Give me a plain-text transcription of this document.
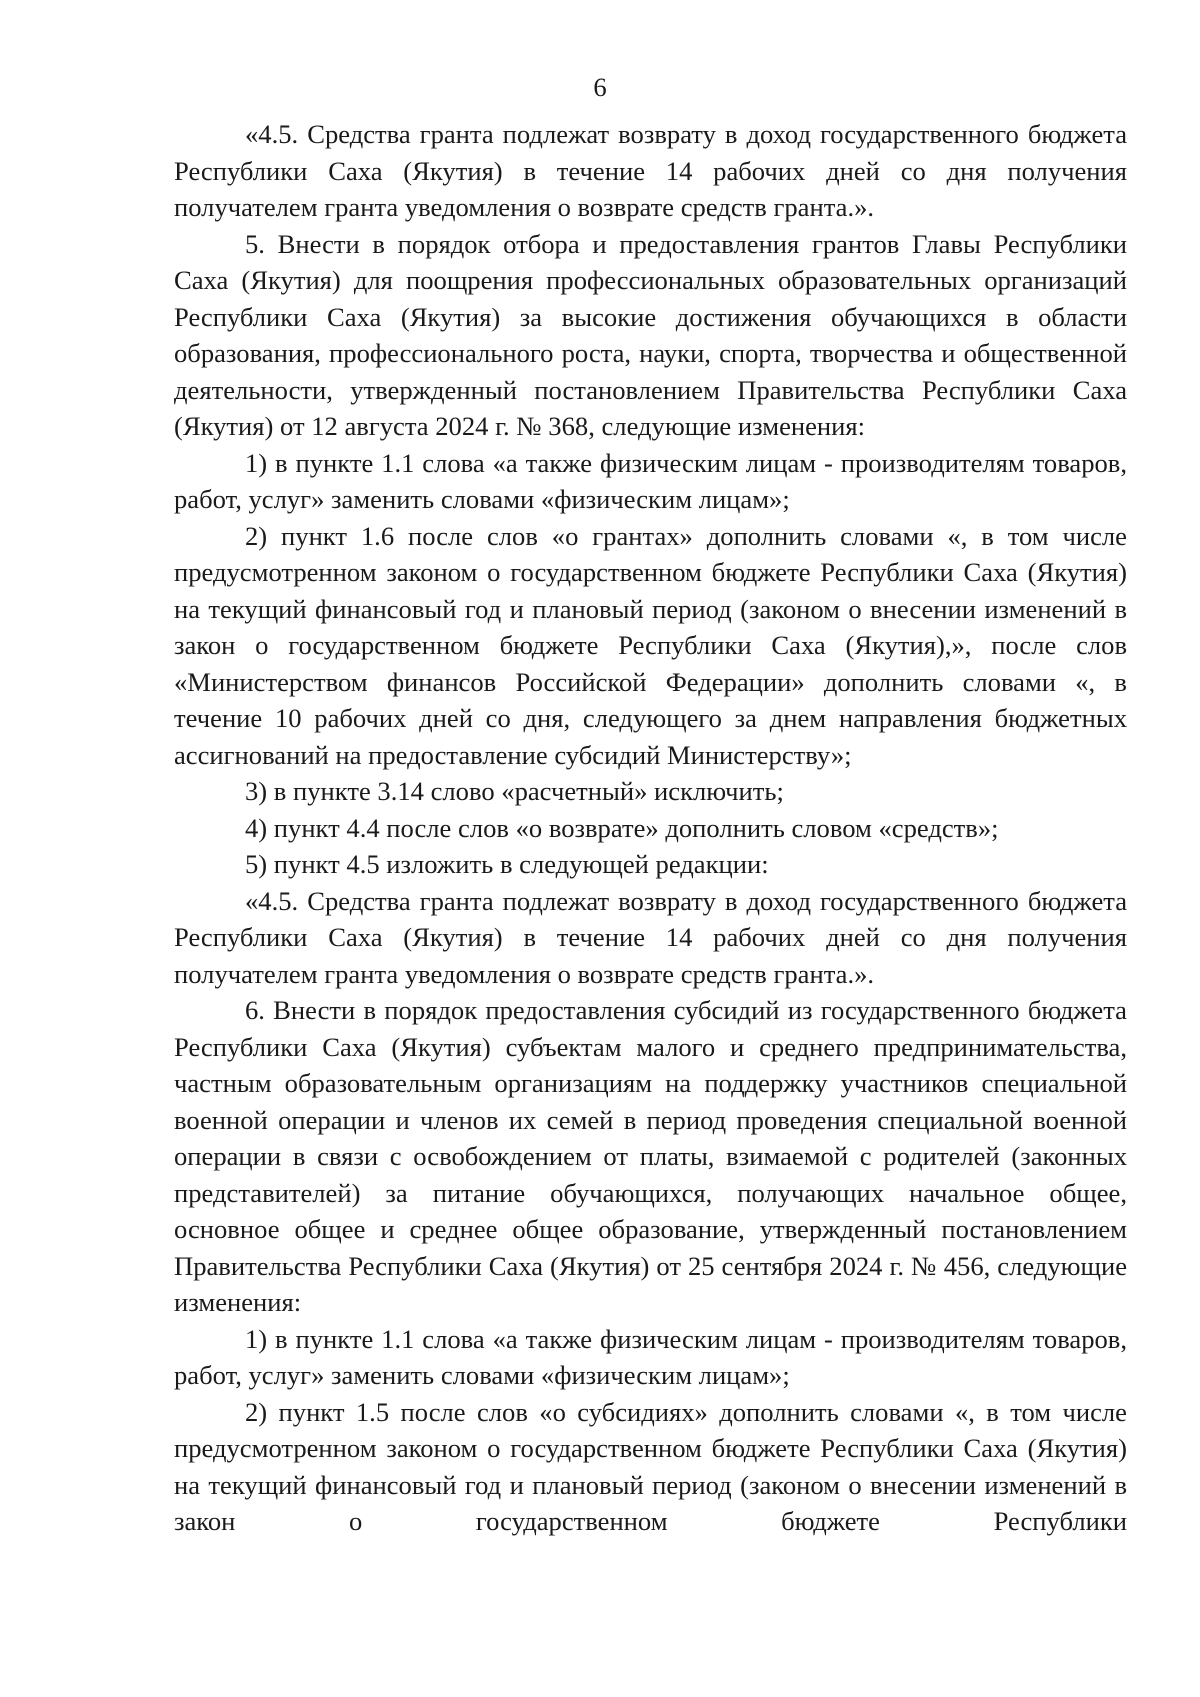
6

«4.5. Средства гранта подлежат возврату в доход государственного бюджета Республики Саха (Якутия) в течение 14 рабочих дней со дня получения получателем гранта уведомления о возврате средств гранта.».

5. Внести в порядок отбора и предоставления грантов Главы Республики Саха (Якутия) для поощрения профессиональных образовательных организаций Республики Саха (Якутия) за высокие достижения обучающихся в области образования, профессионального роста, науки, спорта, творчества и общественной деятельности, утвержденный постановлением Правительства Республики Саха (Якутия) от 12 августа 2024 г. № 368, следующие изменения:

1) в пункте 1.1 слова «а также физическим лицам - производителям товаров, работ, услуг» заменить словами «физическим лицам»;

2) пункт 1.6 после слов «о грантах» дополнить словами «, в том числе предусмотренном законом о государственном бюджете Республики Саха (Якутия) на текущий финансовый год и плановый период (законом о внесении изменений в закон о государственном бюджете Республики Саха (Якутия),», после слов «Министерством финансов Российской Федерации» дополнить словами «, в течение 10 рабочих дней со дня, следующего за днем направления бюджетных ассигнований на предоставление субсидий Министерству»;

3) в пункте 3.14 слово «расчетный» исключить;

4) пункт 4.4 после слов «о возврате» дополнить словом «средств»;

5) пункт 4.5 изложить в следующей редакции:

«4.5. Средства гранта подлежат возврату в доход государственного бюджета Республики Саха (Якутия) в течение 14 рабочих дней со дня получения получателем гранта уведомления о возврате средств гранта.».

6. Внести в порядок предоставления субсидий из государственного бюджета Республики Саха (Якутия) субъектам малого и среднего предпринимательства, частным образовательным организациям на поддержку участников специальной военной операции и членов их семей в период проведения специальной военной операции в связи с освобождением от платы, взимаемой с родителей (законных представителей) за питание обучающихся, получающих начальное общее, основное общее и среднее общее образование, утвержденный постановлением Правительства Республики Саха (Якутия) от 25 сентября 2024 г. № 456, следующие изменения:

1) в пункте 1.1 слова «а также физическим лицам - производителям товаров, работ, услуг» заменить словами «физическим лицам»;

2) пункт 1.5 после слов «о субсидиях» дополнить словами «, в том числе предусмотренном законом о государственном бюджете Республики Саха (Якутия) на текущий финансовый год и плановый период (законом о внесении изменений в закон о государственном бюджете Республики
